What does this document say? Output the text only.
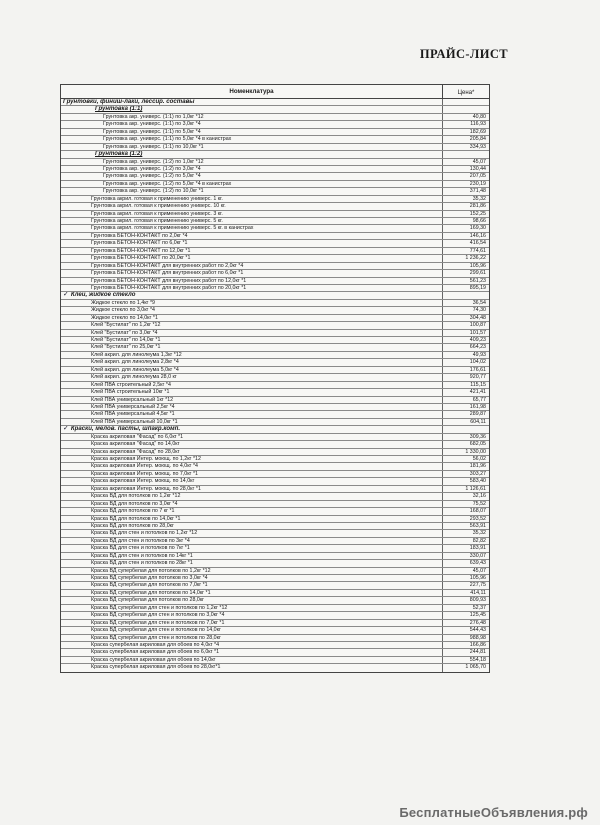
ПРАЙС-ЛИСТ
Номенклатура	Цена*
Грунтовки, финиш-лаки, лессир. составы
Грунтовка (1:1)
Грунтовка акр. универс. (1:1) по 1,0кг *12	40,80
Грунтовка акр. универс. (1:1) по 3,0кг *4	116,93
Грунтовка акр. универс. (1:1) по 5,0кг *4	182,69
Грунтовка акр. универс. (1:1) по 5,0кг *4 в канистрах	205,84
Грунтовка акр. универс. (1:1) по 10,0кг *1	334,93
Грунтовка (1:2)
Грунтовка акр. универс. (1:2) по 1,0кг *12	45,07
Грунтовка акр. универс. (1:2) по 3,0кг *4	130,44
Грунтовка акр. универс. (1:2) по 5,0кг *4	207,05
Грунтовка акр. универс. (1:2) по 5,0кг *4 в канистрах	230,19
Грунтовка акр. универс. (1:2) по 10,0кг *1	371,48
Грунтовка акрил. готовая к применению универс. 1 кг.	35,32
Грунтовка акрил. готовая к применению универс. 10 кг.	281,86
Грунтовка акрил. готовая к применению универс. 3 кг.	152,25
Грунтовка акрил. готовая к применению универс. 5 кг.	98,66
Грунтовка акрил. готовая к применению универс. 5 кг. в канистрах	169,30
Грунтовка БЕТОН-КОНТАКТ по 2,0кг *4	146,16
Грунтовка БЕТОН-КОНТАКТ по 6,0кг *1	416,54
Грунтовка БЕТОН-КОНТАКТ по 12,0кг *1	774,61
Грунтовка БЕТОН-КОНТАКТ по 20,0кг *1	1 236,22
Грунтовка БЕТОН-КОНТАКТ для внутренних работ по 2,0кг *4	105,96
Грунтовка БЕТОН-КОНТАКТ для внутренних работ по 6,0кг *1	299,61
Грунтовка БЕТОН-КОНТАКТ для внутренних работ по 12,0кг *1	561,23
Грунтовка БЕТОН-КОНТАКТ для внутренних работ по 20,0кг *1	895,19
✓ Клеи, жидкое стекло
Жидкое стекло по 1,4кг *9	36,54
Жидкое стекло по 3,0кг *4	74,30
Жидкое стекло по 14,0кг *1	304,48
Клей "Бустилат" по 1,2кг *12	100,87
Клей "Бустилат" по 3,0кг *4	101,57
Клей "Бустилат" по 14,0кг *1	409,23
Клей "Бустилат" по 25,0кг *1	664,23
Клей акрил. для линолеума 1,3кг *12	49,93
Клей акрил. для линолеума 2,8кг *4	104,02
Клей акрил. для линолеума 5,0кг *4	176,61
Клей акрил. для линолеума 28,0 кг	920,77
Клей ПВА строительный 2,5кг *4	115,15
Клей ПВА строительный 10кг *1	421,41
Клей ПВА универсальный 1кг *12	65,77
Клей ПВА универсальный 2,5кг *4	161,98
Клей ПВА универсальный 4,5кг *1	289,87
Клей ПВА универсальный 10,0кг *1	604,11
✓ Краски, мелов. пасты, шпакр.комп.
Краска акриловая "Фасад" по 6,0кг *1	309,36
Краска акриловая "Фасад" по 14,0кг	682,05
Краска акриловая "Фасад" по 28,0кг	1 330,00
Краска акриловая Интер. моющ. по 1,2кг *12	56,02
Краска акриловая Интер. моющ. по 4,0кг *4	181,96
Краска акриловая Интер. моющ. по 7,0кг *1	303,27
Краска акриловая Интер. моющ. по 14,0кг	583,40
Краска акриловая Интер. моющ. по 28,0кг *1	1 126,61
Краска ВД для потолков по 1,2кг *12	32,16
Краска ВД для потолков по 3,0кг *4	75,52
Краска ВД для потолков по 7 кг *1	168,07
Краска ВД для потолков по 14,0кг *1	293,52
Краска ВД для потолков по 28,0кг	563,91
Краска ВД для стен и потолков по 1,2кг *12	35,32
Краска ВД для стен и потолков по 3кг *4	82,82
Краска ВД для стен и потолков по 7кг *1	183,91
Краска ВД для стен и потолков по 14кг *1	330,07
Краска ВД для стен и потолков по 28кг *1	639,43
Краска ВД супербелая для потолков по 1,2кг *12	45,07
Краска ВД супербелая для потолков по 3,0кг *4	105,96
Краска ВД супербелая для потолков по 7,0кг *1	227,75
Краска ВД супербелая для потолков по 14,0кг *1	414,11
Краска ВД супербелая для потолков по 28,0кг	809,93
Краска ВД супербелая для стен и потолков по 1,2кг *12	52,37
Краска ВД супербелая для стен и потолков по 3,0кг *4	125,45
Краска ВД супербелая для стен и потолков по 7,0кг *1	276,48
Краска ВД супербелая для стен и потолков по 14,0кг	544,43
Краска ВД супербелая для стен и потолков по 28,0кг	988,98
Краска супербелая акриловая для обоев по 4,0кг *4	166,86
Краска супербелая акриловая для обоев по 6,0кг *1	244,81
Краска супербелая акриловая для обоев по 14,0кг	554,18
Краска супербелая акриловая для обоев по 28,0кг*1	1 065,70
БесплатныеОбъявления.рф
